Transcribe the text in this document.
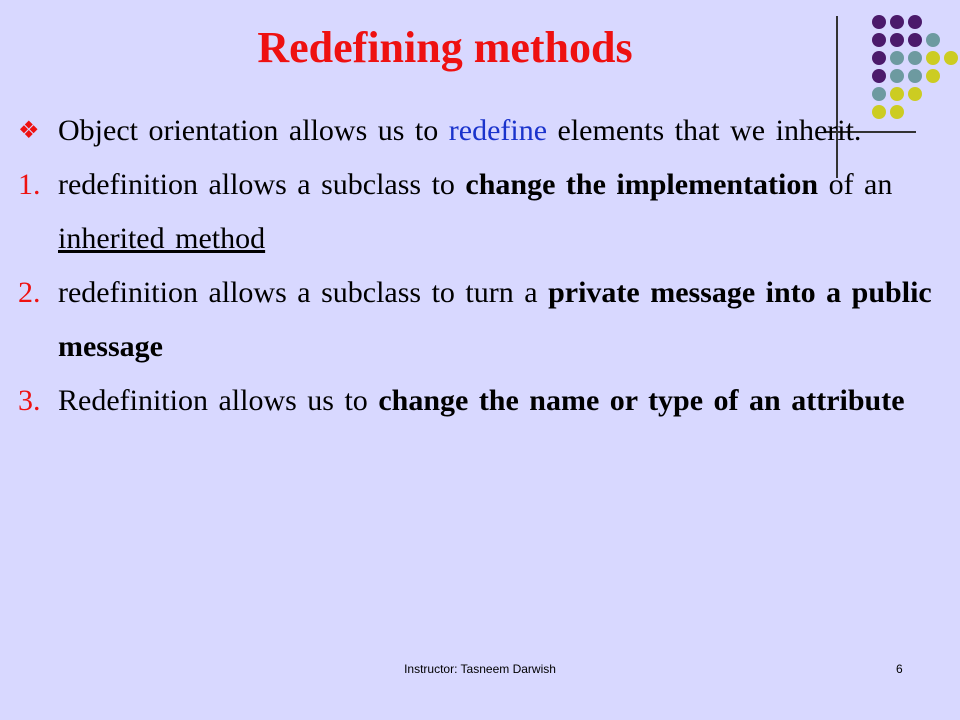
Redefining methods
❖ Object orientation allows us to redefine elements that we inherit.
1. redefinition allows a subclass to change the implementation of an inherited method
2. redefinition allows a subclass to turn a private message into a public message
3. Redefinition allows us to change the name or type of an attribute
Instructor: Tasneem Darwish	6
